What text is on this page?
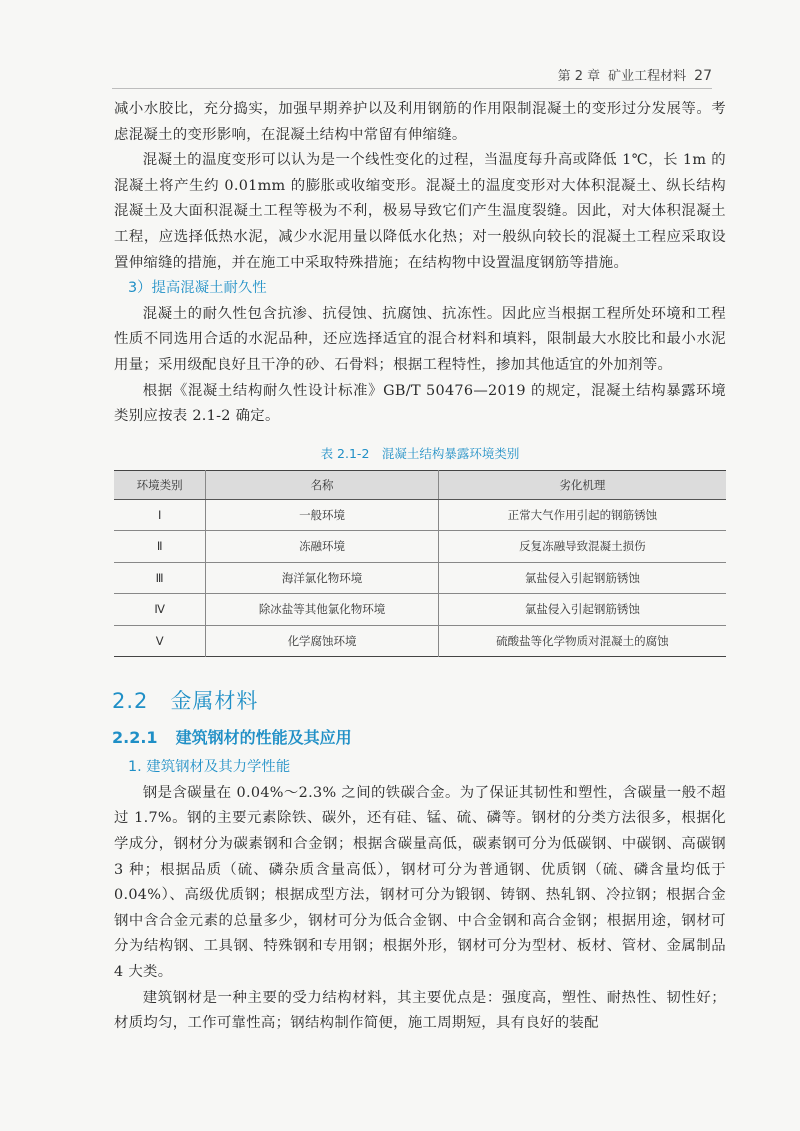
第 2 章 矿业工程材料 27

减小水胶比，充分捣实，加强早期养护以及利用钢筋的作用限制混凝土的变形过分发展等。考虑混凝土的变形影响，在混凝土结构中常留有伸缩缝。

混凝土的温度变形可以认为是一个线性变化的过程，当温度每升高或降低 1℃，长 1m 的混凝土将产生约 0.01mm 的膨胀或收缩变形。混凝土的温度变形对大体积混凝土、纵长结构混凝土及大面积混凝土工程等极为不利，极易导致它们产生温度裂缝。因此，对大体积混凝土工程，应选择低热水泥，减少水泥用量以降低水化热；对一般纵向较长的混凝土工程应采取设置伸缩缝的措施，并在施工中采取特殊措施；在结构物中设置温度钢筋等措施。

3）提高混凝土耐久性

混凝土的耐久性包含抗渗、抗侵蚀、抗腐蚀、抗冻性。因此应当根据工程所处环境和工程性质不同选用合适的水泥品种，还应选择适宜的混合材料和填料，限制最大水胶比和最小水泥用量；采用级配良好且干净的砂、石骨料；根据工程特性，掺加其他适宜的外加剂等。

根据《混凝土结构耐久性设计标准》GB/T 50476—2019 的规定，混凝土结构暴露环境类别应按表 2.1-2 确定。

表 2.1-2　混凝土结构暴露环境类别
环境类别	名称	劣化机理
Ⅰ	一般环境	正常大气作用引起的钢筋锈蚀
Ⅱ	冻融环境	反复冻融导致混凝土损伤
Ⅲ	海洋氯化物环境	氯盐侵入引起钢筋锈蚀
Ⅳ	除冰盐等其他氯化物环境	氯盐侵入引起钢筋锈蚀
Ⅴ	化学腐蚀环境	硫酸盐等化学物质对混凝土的腐蚀
2.2 金属材料
2.2.1 建筑钢材的性能及其应用

1. 建筑钢材及其力学性能

钢是含碳量在 0.04%～2.3% 之间的铁碳合金。为了保证其韧性和塑性，含碳量一般不超过 1.7%。钢的主要元素除铁、碳外，还有硅、锰、硫、磷等。钢材的分类方法很多，根据化学成分，钢材分为碳素钢和合金钢；根据含碳量高低，碳素钢可分为低碳钢、中碳钢、高碳钢 3 种；根据品质（硫、磷杂质含量高低），钢材可分为普通钢、优质钢（硫、磷含量均低于 0.04%）、高级优质钢；根据成型方法，钢材可分为锻钢、铸钢、热轧钢、冷拉钢；根据合金钢中含合金元素的总量多少，钢材可分为低合金钢、中合金钢和高合金钢；根据用途，钢材可分为结构钢、工具钢、特殊钢和专用钢；根据外形，钢材可分为型材、板材、管材、金属制品 4 大类。

建筑钢材是一种主要的受力结构材料，其主要优点是：强度高，塑性、耐热性、韧性好；材质均匀，工作可靠性高；钢结构制作简便，施工周期短，具有良好的装配
